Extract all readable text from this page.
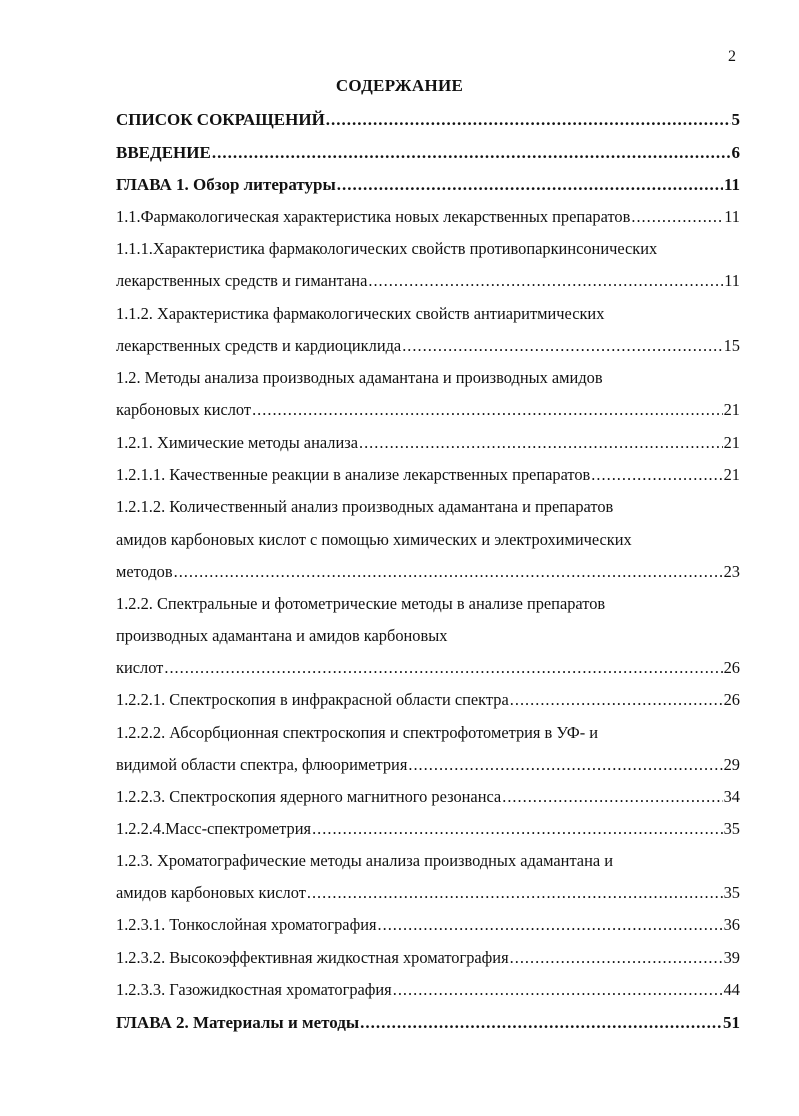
2
СОДЕРЖАНИЕ
СПИСОК СОКРАЩЕНИЙ .....	5
ВВЕДЕНИЕ .....	6
ГЛАВА 1. Обзор литературы .....	11
1.1.Фармакологическая характеристика новых лекарственных препаратов .....	11
1.1.1.Характеристика фармакологических свойств противопаркинсонических
лекарственных средств и гимантана .....	11
1.1.2. Характеристика фармакологических свойств антиаритмических
лекарственных средств и кардиоциклида .....	15
1.2. Методы анализа производных адамантана и производных амидов
карбоновых кислот .....	21
1.2.1. Химические методы анализа .....	21
1.2.1.1. Качественные реакции в анализе лекарственных препаратов .....	21
1.2.1.2. Количественный анализ производных адамантана и препаратов
амидов карбоновых кислот с помощью химических и электрохимических
методов .....	23
1.2.2. Спектральные и фотометрические методы в анализе препаратов
производных адамантана и амидов карбоновых
кислот .....	26
1.2.2.1. Спектроскопия в инфракрасной области спектра .....	26
1.2.2.2. Абсорбционная спектроскопия и спектрофотометрия в УФ- и
видимой области спектра, флюориметрия .....	29
1.2.2.3. Спектроскопия ядерного магнитного резонанса .....	34
1.2.2.4.Масс-спектрометрия .....	35
1.2.3. Хроматографические методы анализа производных адамантана и
амидов карбоновых кислот .....	35
1.2.3.1. Тонкослойная хроматография .....	36
1.2.3.2. Высокоэффективная жидкостная хроматография .....	39
1.2.3.3. Газожидкостная хроматография .....	44
ГЛАВА 2. Материалы и методы .....	51
